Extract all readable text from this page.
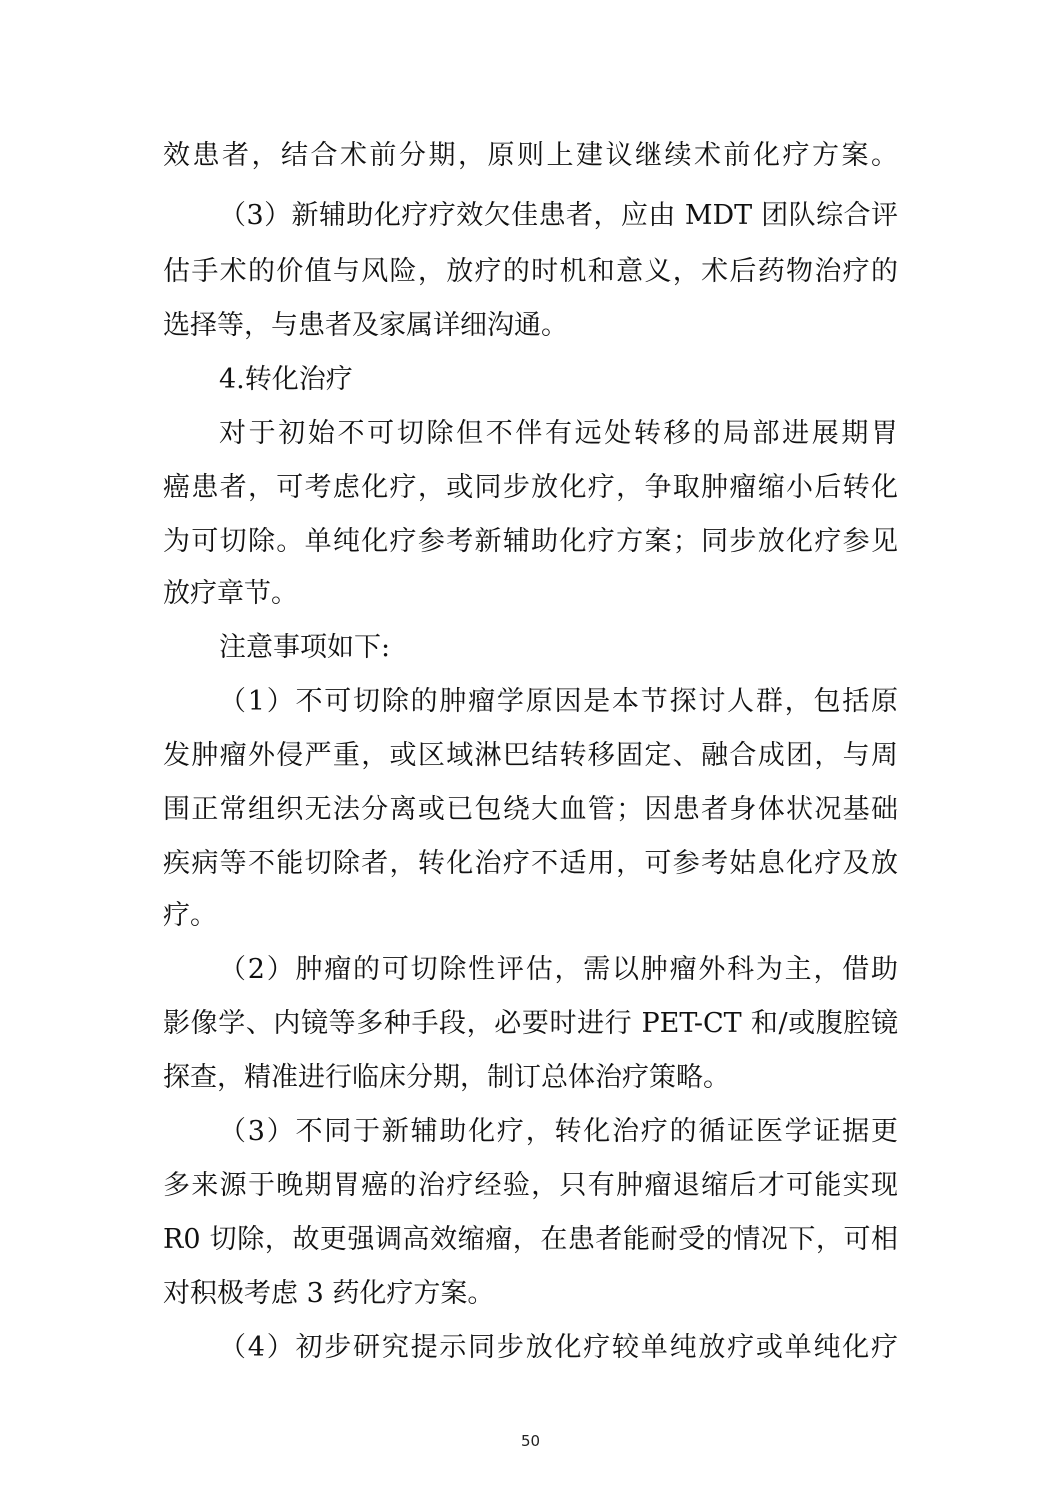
效患者，结合术前分期，原则上建议继续术前化疗方案。
（3）新辅助化疗疗效欠佳患者，应由 MDT 团队综合评
估手术的价值与风险，放疗的时机和意义，术后药物治疗的
选择等，与患者及家属详细沟通。
4.转化治疗
对于初始不可切除但不伴有远处转移的局部进展期胃
癌患者，可考虑化疗，或同步放化疗，争取肿瘤缩小后转化
为可切除。单纯化疗参考新辅助化疗方案；同步放化疗参见
放疗章节。
注意事项如下:
（1）不可切除的肿瘤学原因是本节探讨人群，包括原
发肿瘤外侵严重，或区域淋巴结转移固定、融合成团，与周
围正常组织无法分离或已包绕大血管；因患者身体状况基础
疾病等不能切除者，转化治疗不适用，可参考姑息化疗及放
疗。
（2）肿瘤的可切除性评估，需以肿瘤外科为主，借助
影像学、内镜等多种手段，必要时进行 PET-CT 和/或腹腔镜
探查，精准进行临床分期，制订总体治疗策略。
（3）不同于新辅助化疗，转化治疗的循证医学证据更
多来源于晚期胃癌的治疗经验，只有肿瘤退缩后才可能实现
R0 切除，故更强调高效缩瘤，在患者能耐受的情况下，可相
对积极考虑 3 药化疗方案。
（4）初步研究提示同步放化疗较单纯放疗或单纯化疗
50
